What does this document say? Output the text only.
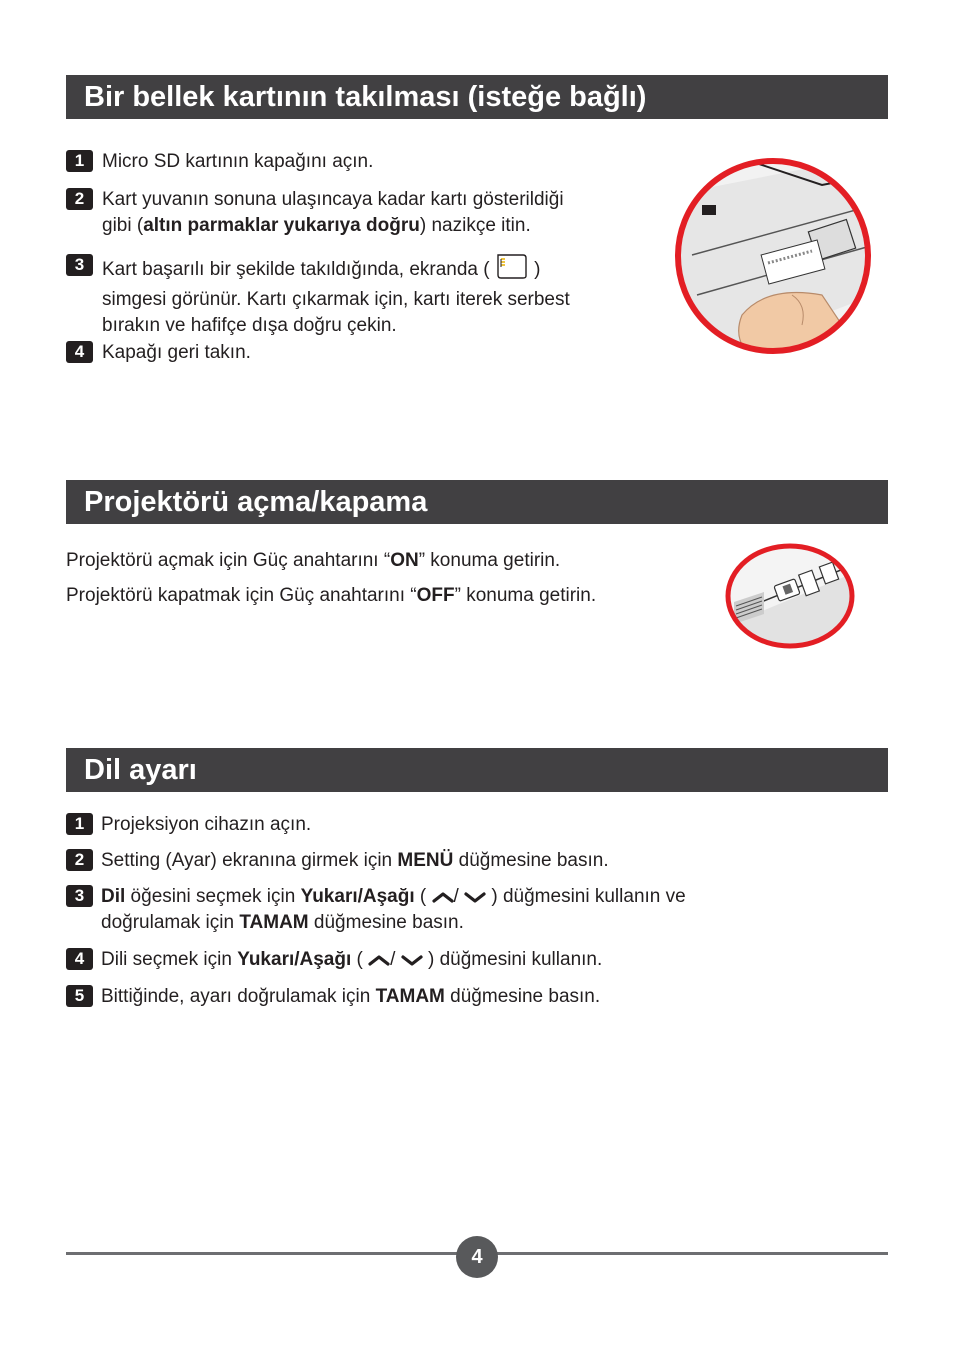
Bir bellek kartının takılması (isteğe bağlı)
1 Micro SD kartının kapağını açın.
2 Kart yuvanın sonuna ulaşıncaya kadar kartı gösterildiği
gibi (altın parmaklar yukarıya doğru) nazikçe itin.
3 Kart başarılı bir şekilde takıldığında, ekranda ( )
simgesi görünür. Kartı çıkarmak için, kartı iterek serbest
bırakın ve hafifçe dışa doğru çekin.
4 Kapağı geri takın.
Projektörü açma/kapama
Projektörü açmak için Güç anahtarını “ON” konuma getirin.
Projektörü kapatmak için Güç anahtarını “OFF” konuma getirin.
Dil ayarı
1 Projeksiyon cihazın açın.
2 Setting (Ayar) ekranına girmek için MENÜ düğmesine basın.
3 Dil öğesini seçmek için Yukarı/Aşağı ( / ) düğmesini kullanın ve
doğrulamak için TAMAM düğmesine basın.
4 Dili seçmek için Yukarı/Aşağı ( / ) düğmesini kullanın.
5 Bittiğinde, ayarı doğrulamak için TAMAM düğmesine basın.
4
